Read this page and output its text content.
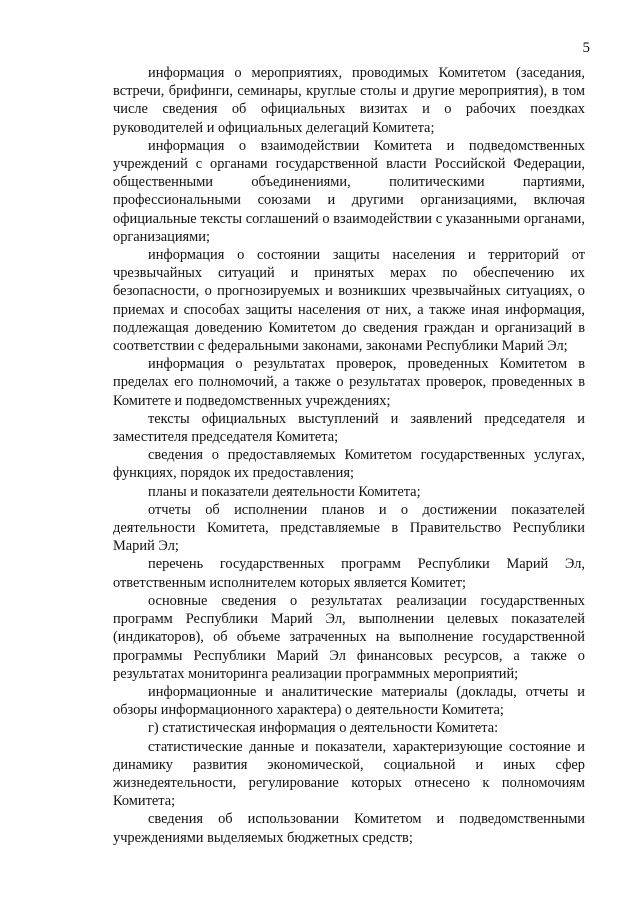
5

информация о мероприятиях, проводимых Комитетом (заседания, встречи, брифинги, семинары, круглые столы и другие мероприятия), в том числе сведения об официальных визитах и о рабочих поездках руководителей и официальных делегаций Комитета;

информация о взаимодействии Комитета и подведомственных учреждений с органами государственной власти Российской Федерации, общественными объединениями, политическими партиями, профессиональными союзами и другими организациями, включая официальные тексты соглашений о взаимодействии с указанными органами, организациями;

информация о состоянии защиты населения и территорий от чрезвычайных ситуаций и принятых мерах по обеспечению их безопасности, о прогнозируемых и возникших чрезвычайных ситуациях, о приемах и способах защиты населения от них, а также иная информация, подлежащая доведению Комитетом до сведения граждан и организаций в соответствии с федеральными законами, законами Республики Марий Эл;

информация о результатах проверок, проведенных Комитетом в пределах его полномочий, а также о результатах проверок, проведенных в Комитете и подведомственных учреждениях;

тексты официальных выступлений и заявлений председателя и заместителя председателя Комитета;

сведения о предоставляемых Комитетом государственных услугах, функциях, порядок их предоставления;

планы и показатели деятельности Комитета;

отчеты об исполнении планов и о достижении показателей деятельности Комитета, представляемые в Правительство Республики Марий Эл;

перечень государственных программ Республики Марий Эл, ответственным исполнителем которых является Комитет;

основные сведения о результатах реализации государственных программ Республики Марий Эл, выполнении целевых показателей (индикаторов), об объеме затраченных на выполнение государственной программы Республики Марий Эл финансовых ресурсов, а также о результатах мониторинга реализации программных мероприятий;

информационные и аналитические материалы (доклады, отчеты и обзоры информационного характера) о деятельности Комитета;

г) статистическая информация о деятельности Комитета:

статистические данные и показатели, характеризующие состояние и динамику развития экономической, социальной и иных сфер жизнедеятельности, регулирование которых отнесено к полномочиям Комитета;

сведения об использовании Комитетом и подведомственными учреждениями выделяемых бюджетных средств;
